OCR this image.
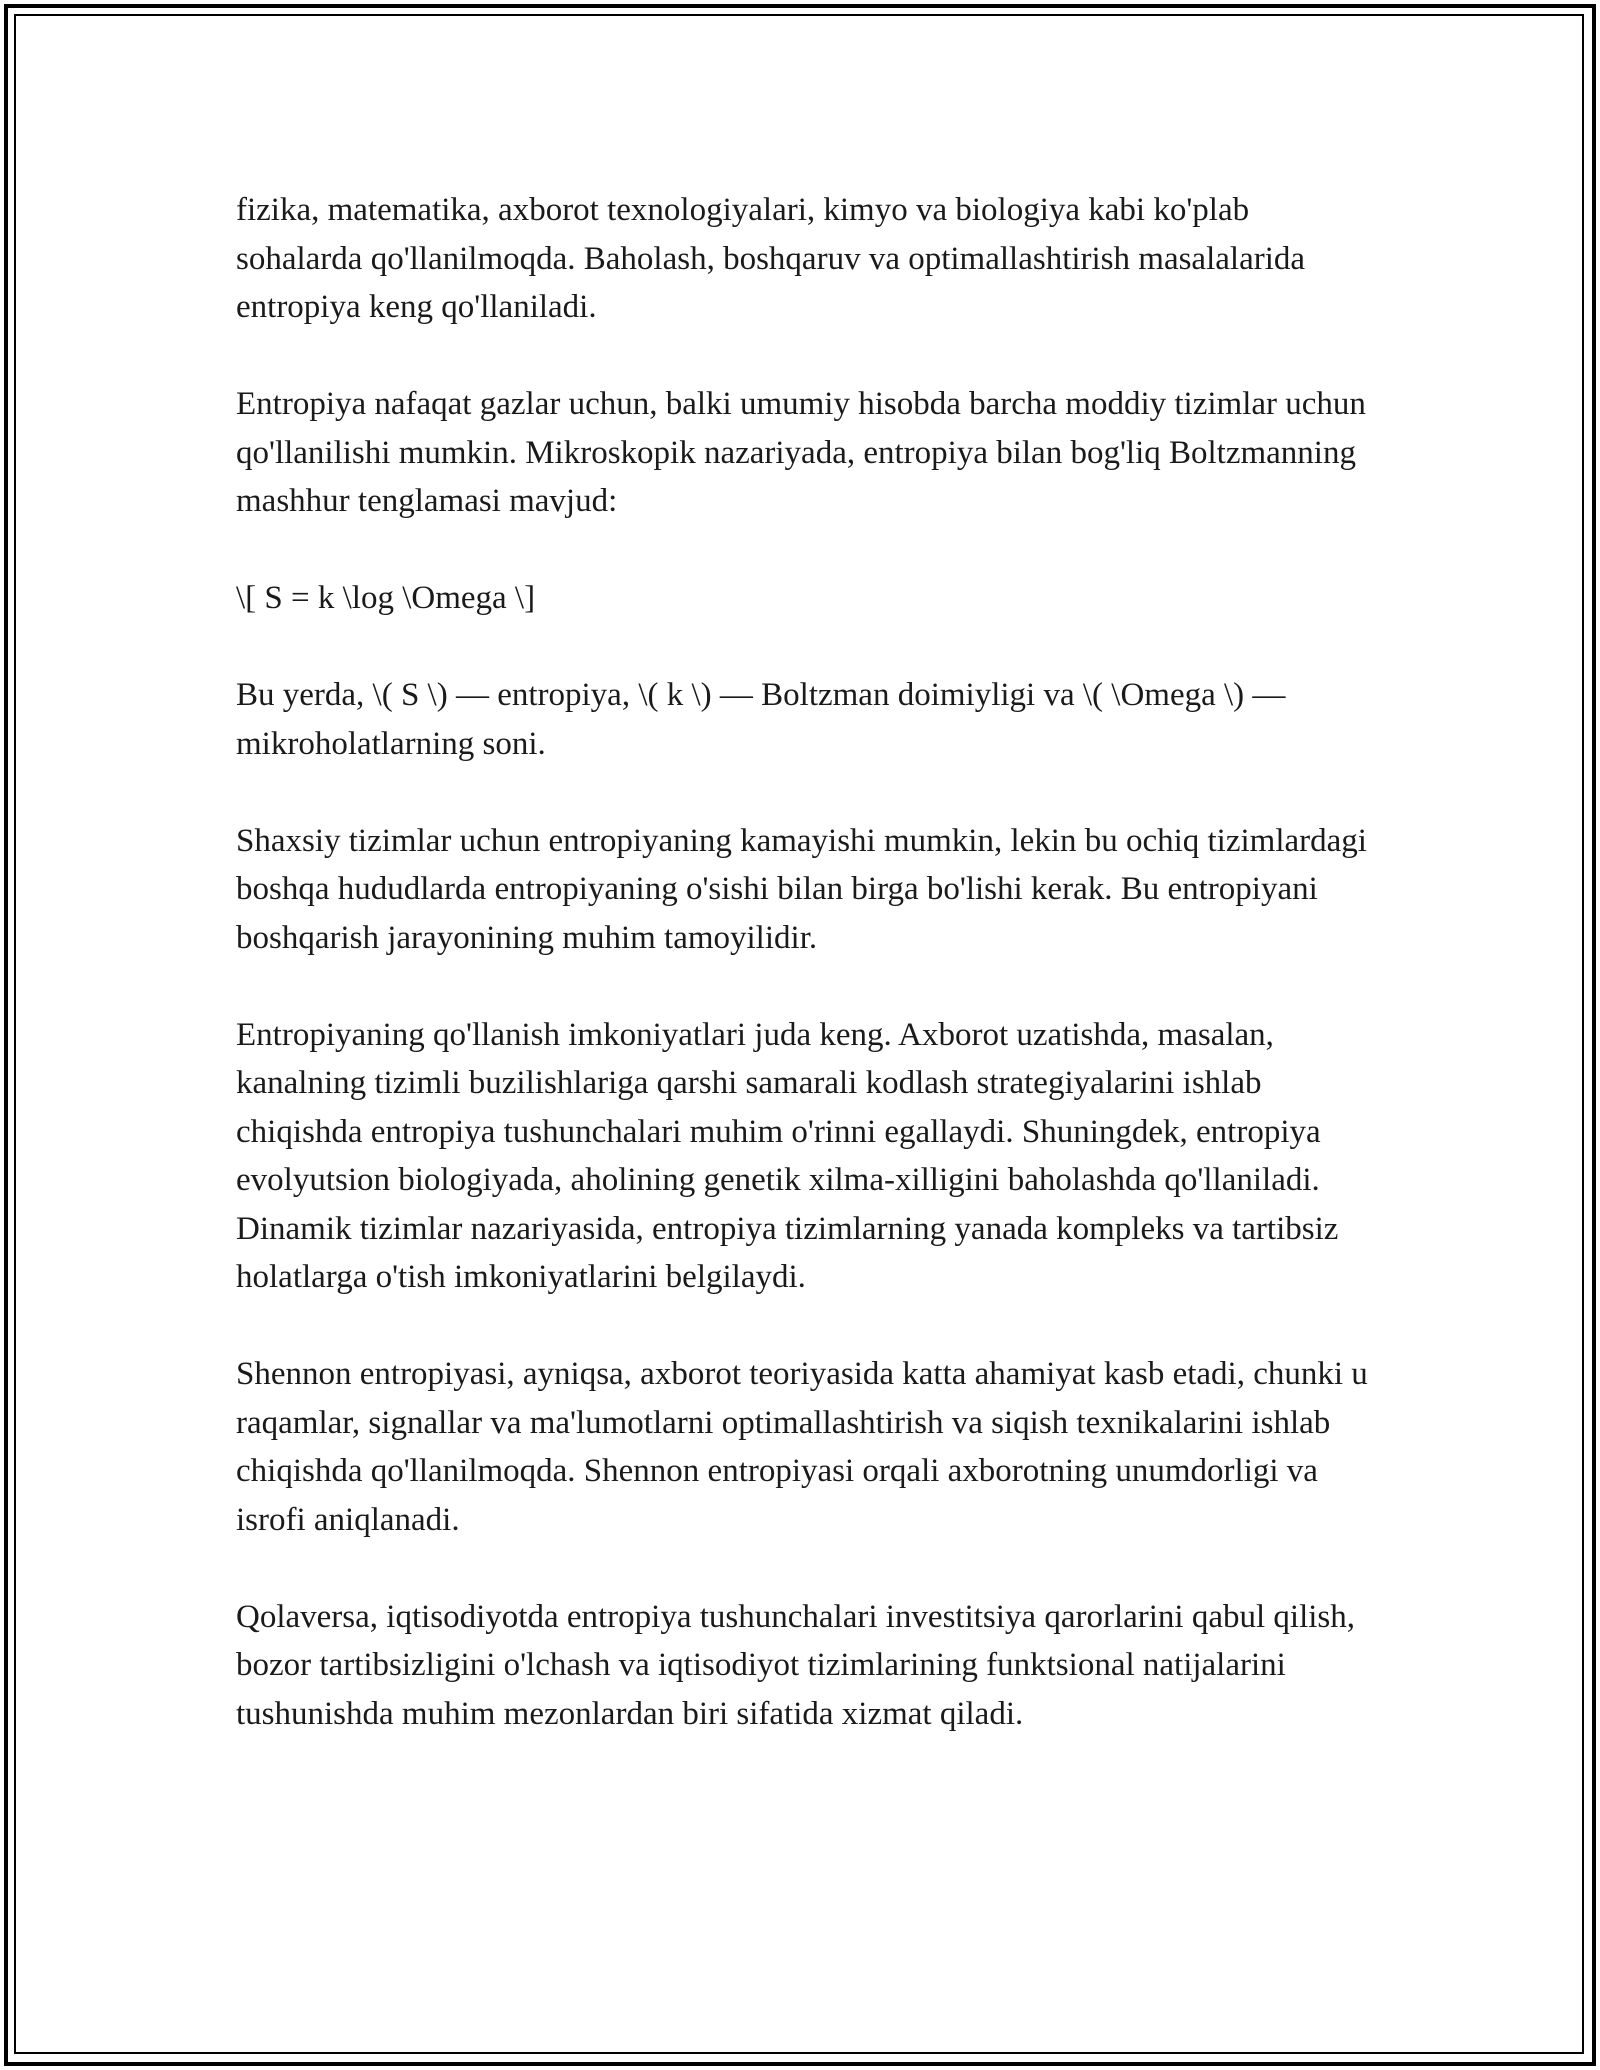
fizika, matematika, axborot texnologiyalari, kimyo va biologiya kabi ko'plab sohalarda qo'llanilmoqda. Baholash, boshqaruv va optimallashtirish masalalarida entropiya keng qo'llaniladi.

Entropiya nafaqat gazlar uchun, balki umumiy hisobda barcha moddiy tizimlar uchun qo'llanilishi mumkin. Mikroskopik nazariyada, entropiya bilan bog'liq Boltzmanning mashhur tenglamasi mavjud:

\[ S = k \log \Omega \]

Bu yerda, \( S \) — entropiya, \( k \) — Boltzman doimiyligi va \( \Omega \) — mikroholatlarning soni.

Shaxsiy tizimlar uchun entropiyaning kamayishi mumkin, lekin bu ochiq tizimlardagi boshqa hududlarda entropiyaning o'sishi bilan birga bo'lishi kerak. Bu entropiyani boshqarish jarayonining muhim tamoyilidir.

Entropiyaning qo'llanish imkoniyatlari juda keng. Axborot uzatishda, masalan, kanalning tizimli buzilishlariga qarshi samarali kodlash strategiyalarini ishlab chiqishda entropiya tushunchalari muhim o'rinni egallaydi. Shuningdek, entropiya evolyutsion biologiyada, aholining genetik xilma-xilligini baholashda qo'llaniladi. Dinamik tizimlar nazariyasida, entropiya tizimlarning yanada kompleks va tartibsiz holatlarga o'tish imkoniyatlarini belgilaydi.

Shennon entropiyasi, ayniqsa, axborot teoriyasida katta ahamiyat kasb etadi, chunki u raqamlar, signallar va ma'lumotlarni optimallashtirish va siqish texnikalarini ishlab chiqishda qo'llanilmoqda. Shennon entropiyasi orqali axborotning unumdorligi va isrofi aniqlanadi.

Qolaversa, iqtisodiyotda entropiya tushunchalari investitsiya qarorlarini qabul qilish, bozor tartibsizligini o'lchash va iqtisodiyot tizimlarining funktsional natijalarini tushunishda muhim mezonlardan biri sifatida xizmat qiladi.
